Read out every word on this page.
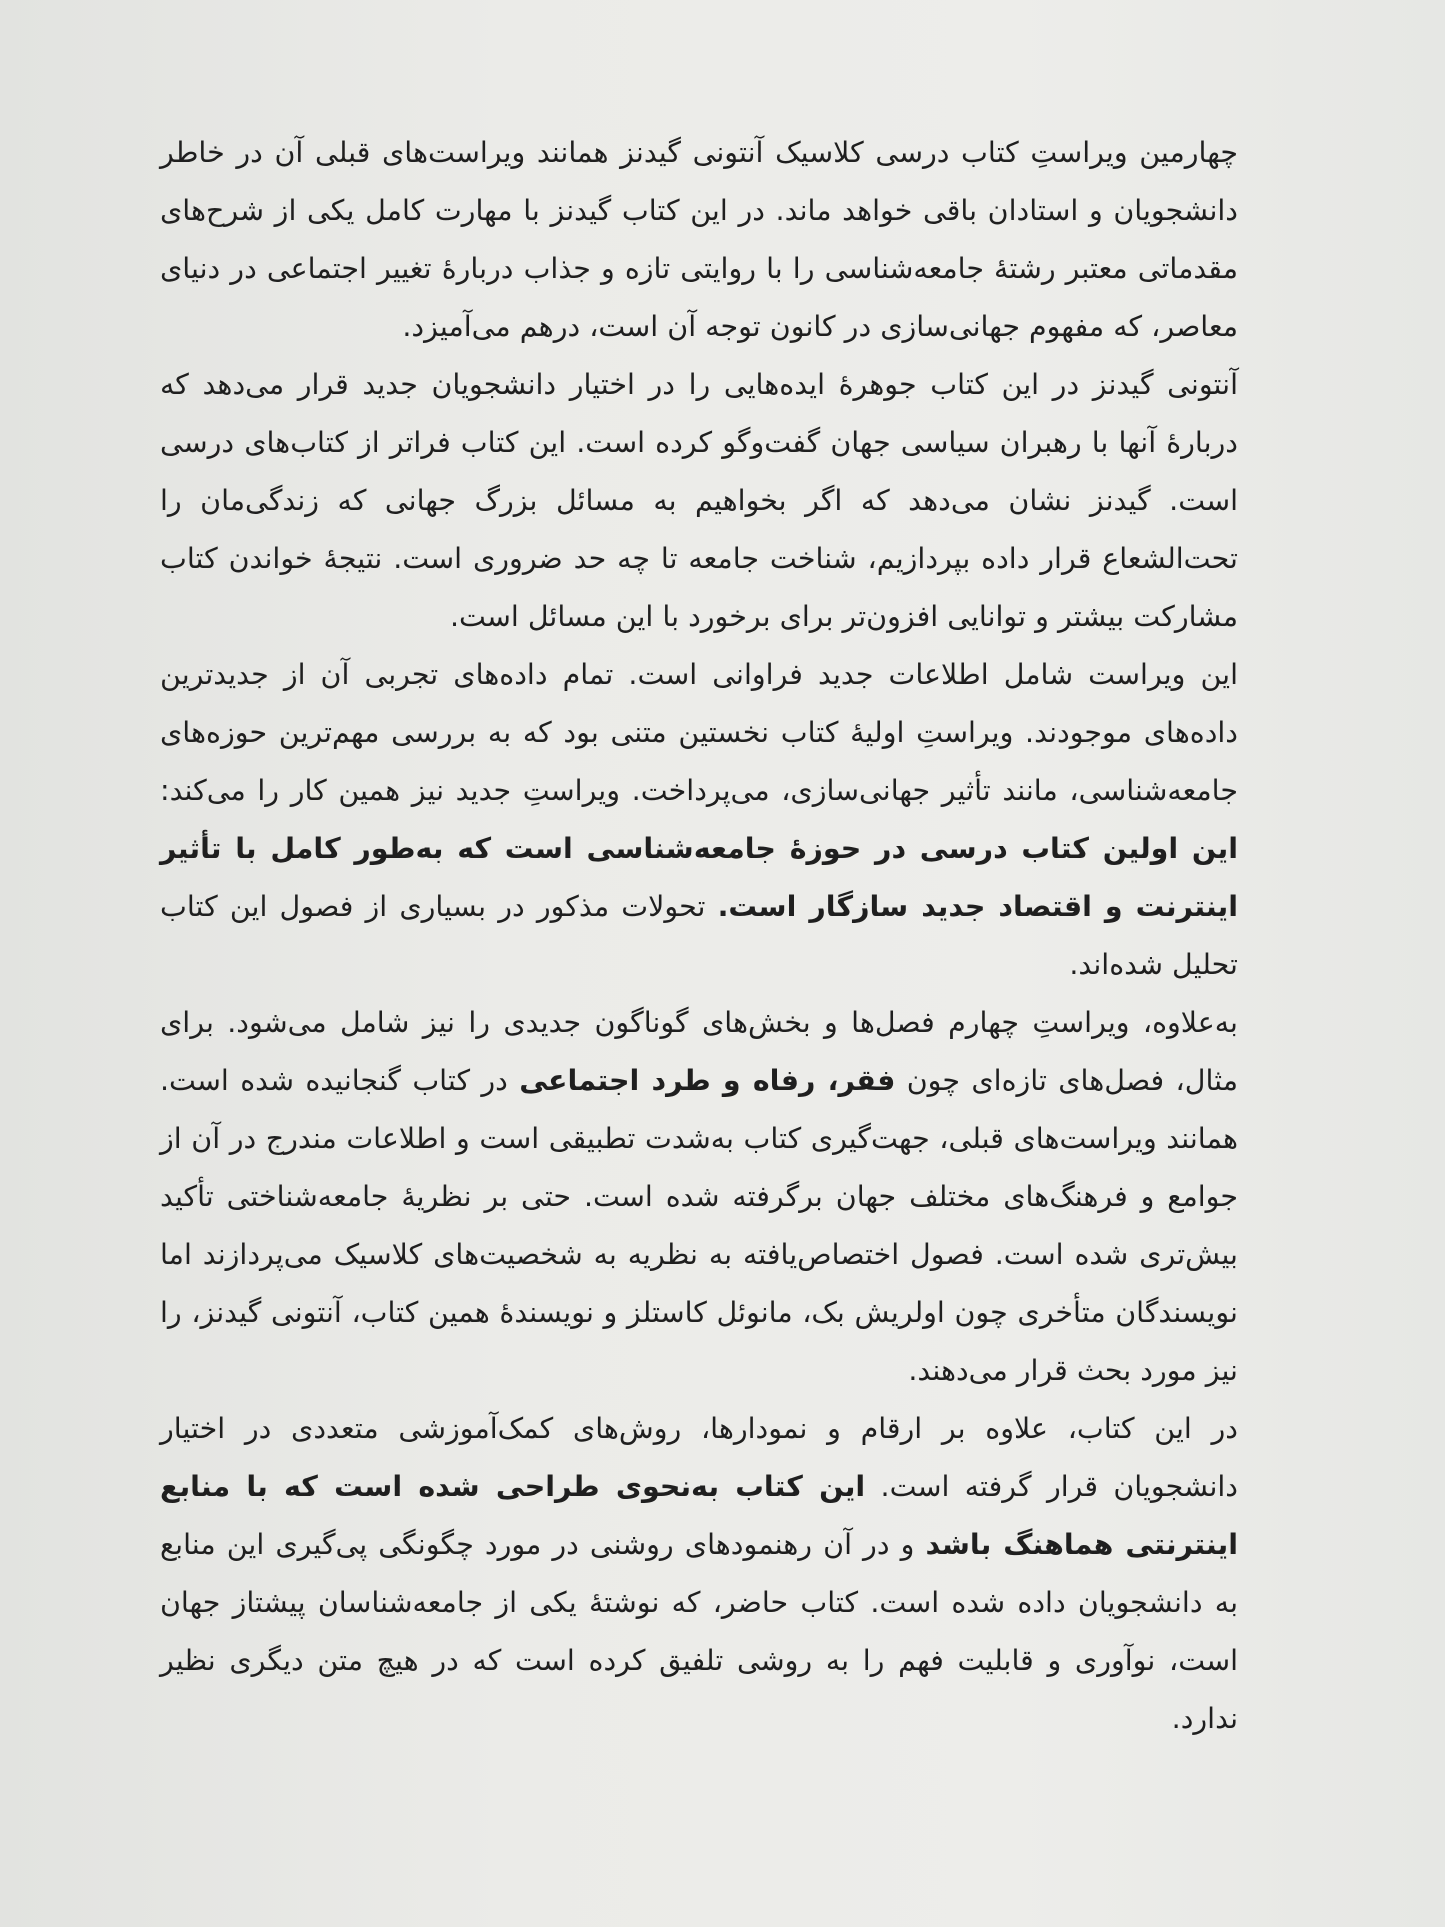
چهارمین ویراستِ کتاب درسی کلاسیک آنتونی گیدنز همانند ویراست‌های قبلی آن در خاطر دانشجویان و استادان باقی خواهد ماند. در این کتاب گیدنز با مهارت کامل یکی از شرح‌های مقدماتی معتبر رشتهٔ جامعه‌شناسی را با روایتی تازه و جذاب دربارهٔ تغییر اجتماعی در دنیای معاصر، که مفهوم جهانی‌سازی در کانون توجه آن است، درهم می‌آمیزد.

آنتونی گیدنز در این کتاب جوهرهٔ ایده‌هایی را در اختیار دانشجویان جدید قرار می‌دهد که دربارهٔ آنها با رهبران سیاسی جهان گفت‌وگو کرده است. این کتاب فراتر از کتاب‌های درسی است. گیدنز نشان می‌دهد که اگر بخواهیم به مسائل بزرگ جهانی که زندگی‌مان را تحت‌الشعاع قرار داده بپردازیم، شناخت جامعه تا چه حد ضروری است. نتیجهٔ خواندن کتاب مشارکت بیشتر و توانایی افزون‌تر برای برخورد با این مسائل است.

این ویراست شامل اطلاعات جدید فراوانی است. تمام داده‌های تجربی آن از جدیدترین داده‌های موجودند. ویراستِ اولیهٔ کتاب نخستین متنی بود که به بررسی مهم‌ترین حوزه‌های جامعه‌شناسی، مانند تأثیر جهانی‌سازی، می‌پرداخت. ویراستِ جدید نیز همین کار را می‌کند: این اولین کتاب درسی در حوزهٔ جامعه‌شناسی است که به‌طور کامل با تأثیر اینترنت و اقتصاد جدید سازگار است. تحولات مذکور در بسیاری از فصول این کتاب تحلیل شده‌اند.

به‌علاوه، ویراستِ چهارم فصل‌ها و بخش‌های گوناگون جدیدی را نیز شامل می‌شود. برای مثال، فصل‌های تازه‌ای چون فقر، رفاه و طرد اجتماعی در کتاب گنجانیده شده است. همانند ویراست‌های قبلی، جهت‌گیری کتاب به‌شدت تطبیقی است و اطلاعات مندرج در آن از جوامع و فرهنگ‌های مختلف جهان برگرفته شده است. حتی بر نظریهٔ جامعه‌شناختی تأکید بیش‌تری شده است. فصول اختصاص‌یافته به نظریه به شخصیت‌های کلاسیک می‌پردازند اما نویسندگان متأخری چون اولریش بک، مانوئل کاستلز و نویسندهٔ همین کتاب، آنتونی گیدنز، را نیز مورد بحث قرار می‌دهند.

در این کتاب، علاوه بر ارقام و نمودارها، روش‌های کمک‌آموزشی متعددی در اختیار دانشجویان قرار گرفته است. این کتاب به‌نحوی طراحی شده است که با منابع اینترنتی هماهنگ باشد و در آن رهنمودهای روشنی در مورد چگونگی پی‌گیری این منابع به دانشجویان داده شده است. کتاب حاضر، که نوشتهٔ یکی از جامعه‌شناسان پیشتاز جهان است، نوآوری و قابلیت فهم را به روشی تلفیق کرده است که در هیچ متن دیگری نظیر ندارد.
